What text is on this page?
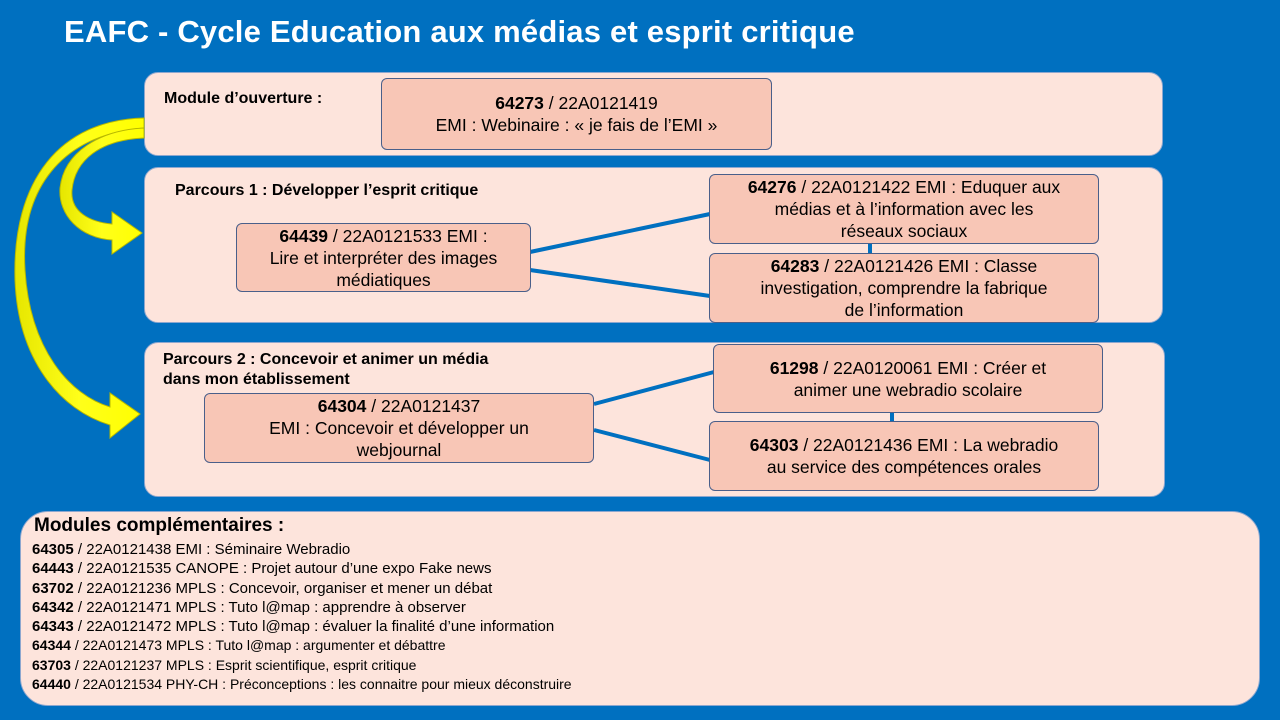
EAFC - Cycle Education aux médias et esprit critique
Module d’ouverture :	64273 / 22A0121419
EMI : Webinaire : « je fais de l’EMI »
Parcours 1 : Développer l’esprit critique
64439 / 22A0121533 EMI :
Lire et interpréter des images
médiatiques
64276 / 22A0121422 EMI : Eduquer aux
médias et à l’information avec les
réseaux sociaux
64283 / 22A0121426 EMI : Classe
investigation, comprendre la fabrique
de l’information
Parcours 2 : Concevoir et animer un média
dans mon établissement
64304 / 22A0121437
EMI : Concevoir et développer un
webjournal
61298 / 22A0120061 EMI : Créer et
animer une webradio scolaire
64303 / 22A0121436 EMI : La webradio
au service des compétences orales
Modules complémentaires :
64305 / 22A0121438 EMI : Séminaire Webradio
64443 / 22A0121535 CANOPE : Projet autour d’une expo Fake news
63702 / 22A0121236 MPLS : Concevoir, organiser et mener un débat
64342 / 22A0121471 MPLS : Tuto l@map : apprendre à observer
64343 / 22A0121472 MPLS : Tuto l@map : évaluer la finalité d’une information
64344 / 22A0121473 MPLS : Tuto l@map : argumenter et débattre
63703 / 22A0121237 MPLS : Esprit scientifique, esprit critique
64440 / 22A0121534 PHY-CH : Préconceptions : les connaitre pour mieux déconstruire
